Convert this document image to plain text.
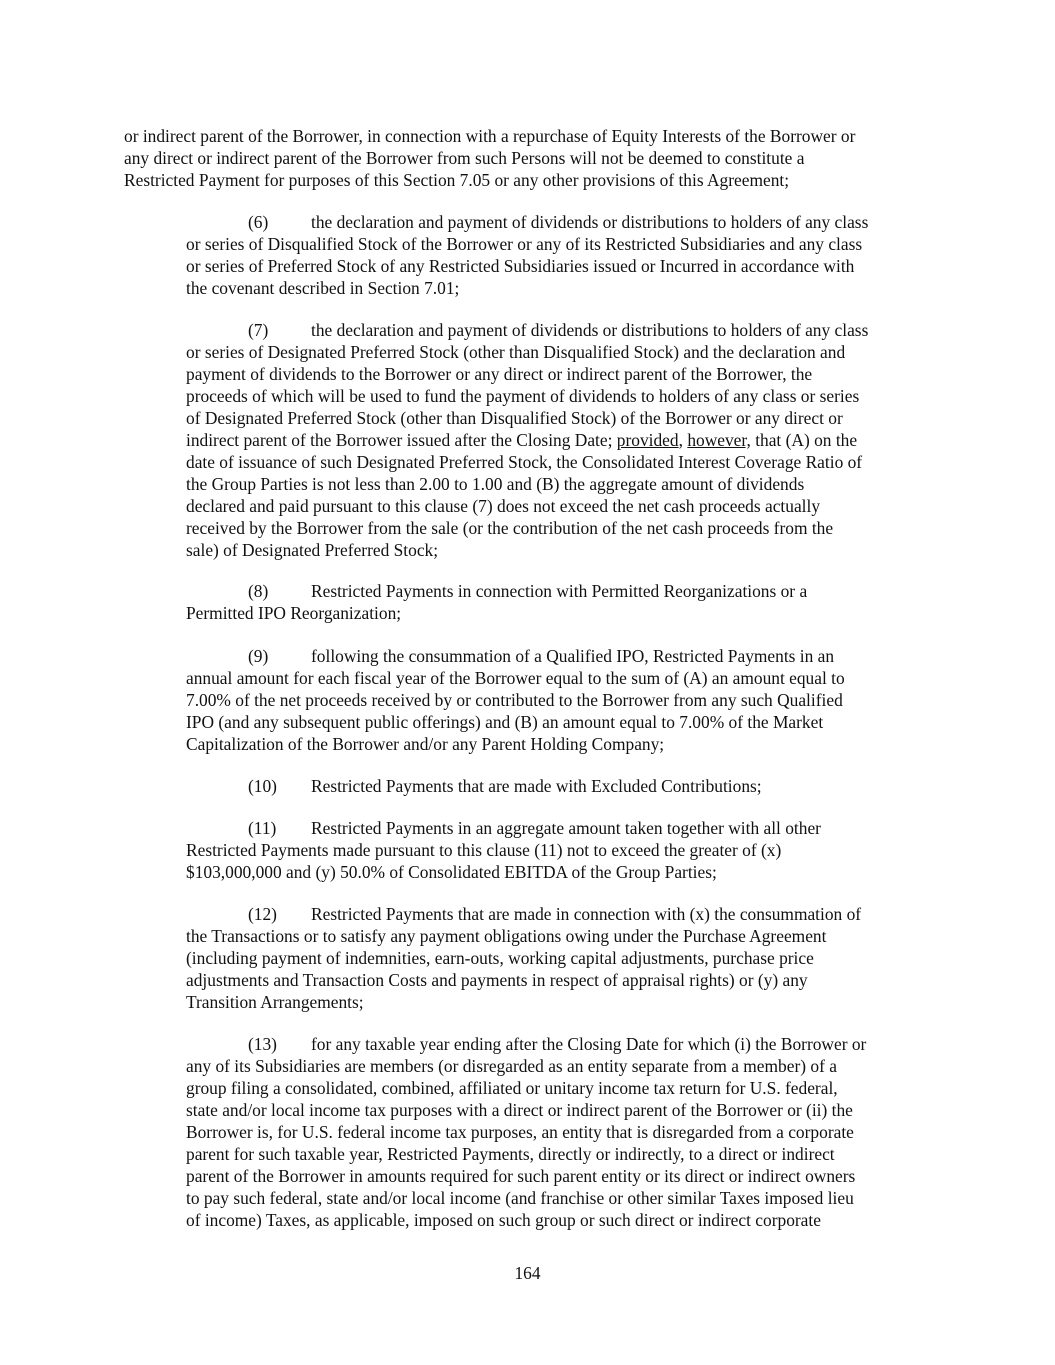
or indirect parent of the Borrower, in connection with a repurchase of Equity Interests of the Borrower or
any direct or indirect parent of the Borrower from such Persons will not be deemed to constitute a
Restricted Payment for purposes of this Section 7.05 or any other provisions of this Agreement;
(6) the declaration and payment of dividends or distributions to holders of any class
or series of Disqualified Stock of the Borrower or any of its Restricted Subsidiaries and any class
or series of Preferred Stock of any Restricted Subsidiaries issued or Incurred in accordance with
the covenant described in Section 7.01;
(7) the declaration and payment of dividends or distributions to holders of any class
or series of Designated Preferred Stock (other than Disqualified Stock) and the declaration and
payment of dividends to the Borrower or any direct or indirect parent of the Borrower, the
proceeds of which will be used to fund the payment of dividends to holders of any class or series
of Designated Preferred Stock (other than Disqualified Stock) of the Borrower or any direct or
indirect parent of the Borrower issued after the Closing Date; provided, however, that (A) on the
date of issuance of such Designated Preferred Stock, the Consolidated Interest Coverage Ratio of
the Group Parties is not less than 2.00 to 1.00 and (B) the aggregate amount of dividends
declared and paid pursuant to this clause (7) does not exceed the net cash proceeds actually
received by the Borrower from the sale (or the contribution of the net cash proceeds from the
sale) of Designated Preferred Stock;
(8) Restricted Payments in connection with Permitted Reorganizations or a
Permitted IPO Reorganization;
(9) following the consummation of a Qualified IPO, Restricted Payments in an
annual amount for each fiscal year of the Borrower equal to the sum of (A) an amount equal to
7.00% of the net proceeds received by or contributed to the Borrower from any such Qualified
IPO (and any subsequent public offerings) and (B) an amount equal to 7.00% of the Market
Capitalization of the Borrower and/or any Parent Holding Company;
(10) Restricted Payments that are made with Excluded Contributions;
(11) Restricted Payments in an aggregate amount taken together with all other
Restricted Payments made pursuant to this clause (11) not to exceed the greater of (x)
$103,000,000 and (y) 50.0% of Consolidated EBITDA of the Group Parties;
(12) Restricted Payments that are made in connection with (x) the consummation of
the Transactions or to satisfy any payment obligations owing under the Purchase Agreement
(including payment of indemnities, earn-outs, working capital adjustments, purchase price
adjustments and Transaction Costs and payments in respect of appraisal rights) or (y) any
Transition Arrangements;
(13) for any taxable year ending after the Closing Date for which (i) the Borrower or
any of its Subsidiaries are members (or disregarded as an entity separate from a member) of a
group filing a consolidated, combined, affiliated or unitary income tax return for U.S. federal,
state and/or local income tax purposes with a direct or indirect parent of the Borrower or (ii) the
Borrower is, for U.S. federal income tax purposes, an entity that is disregarded from a corporate
parent for such taxable year, Restricted Payments, directly or indirectly, to a direct or indirect
parent of the Borrower in amounts required for such parent entity or its direct or indirect owners
to pay such federal, state and/or local income (and franchise or other similar Taxes imposed lieu
of income) Taxes, as applicable, imposed on such group or such direct or indirect corporate
164
